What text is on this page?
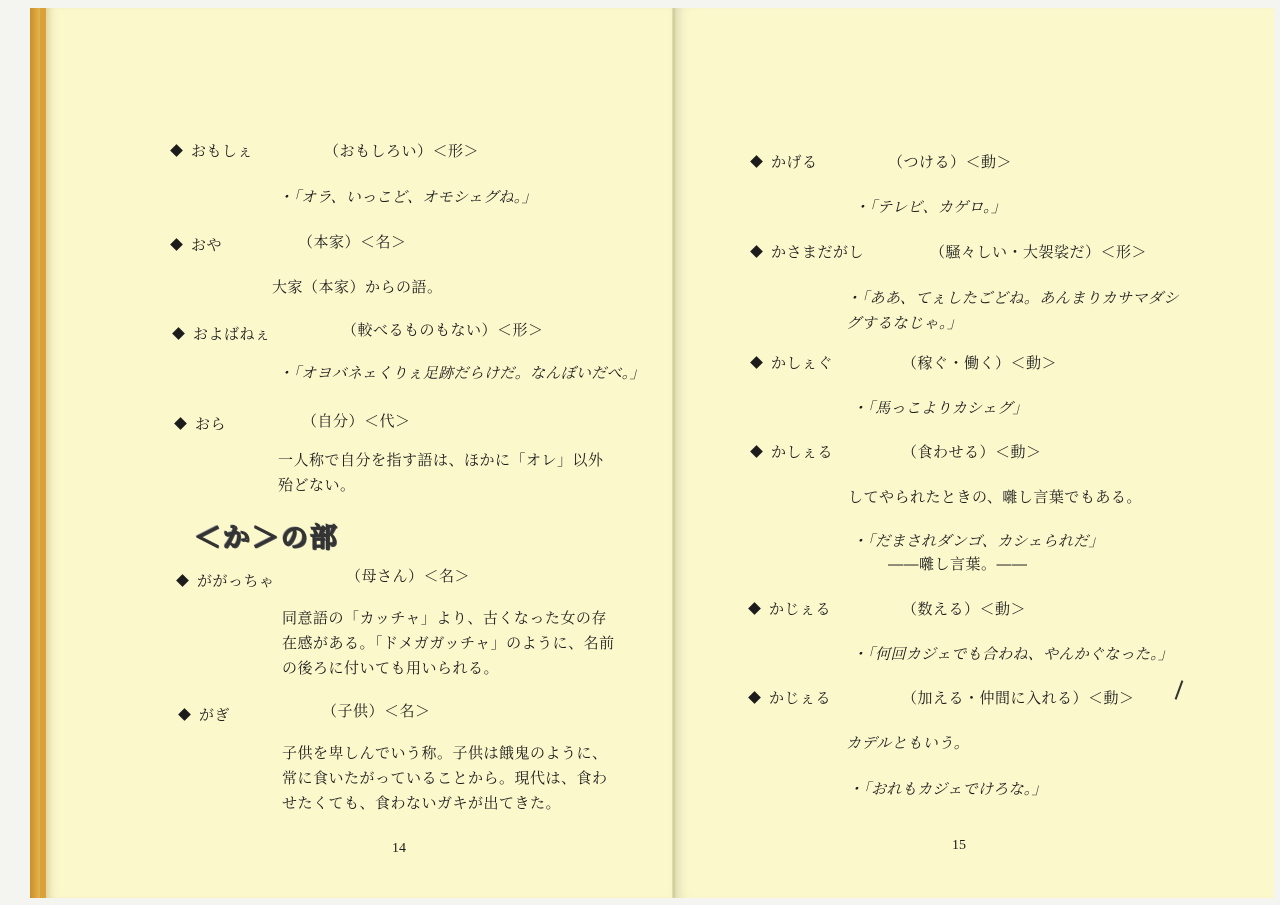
おもしぇ	（おもしろい）＜形＞
・「オラ、いっこど、オモシェグね。」
おや	（本家）＜名＞
大家（本家）からの語。
およばねぇ	（較べるものもない）＜形＞
・「オヨバネェくりぇ足跡だらけだ。なんぼいだべ。」
おら	（自分）＜代＞
一人称で自分を指す語は、ほかに「オレ」以外殆どない。
＜か＞の部
ががっちゃ	（母さん）＜名＞
同意語の「カッチャ」より、古くなった女の存在感がある。「ドメガガッチャ」のように、名前の後ろに付いても用いられる。
がぎ	（子供）＜名＞
子供を卑しんでいう称。子供は餓鬼のように、常に食いたがっていることから。現代は、食わせたくても、食わないガキが出てきた。
14
かげる	（つける）＜動＞
・「テレビ、カゲロ。」
かさまだがし	（騒々しい・大袈裟だ）＜形＞
・「ああ、てぇしたごどね。あんまりカサマダシグするなじゃ。」
かしぇぐ	（稼ぐ・働く）＜動＞
・「馬っこよりカシェグ」
かしぇる	（食わせる）＜動＞
してやられたときの、囃し言葉でもある。
・「だまされダンゴ、カシェられだ」
――囃し言葉。――
かじぇる	（数える）＜動＞
・「何回カジェでも合わね、やんかぐなった。」
かじぇる	（加える・仲間に入れる）＜動＞
カデルともいう。
・「おれもカジェでけろな。」
15
